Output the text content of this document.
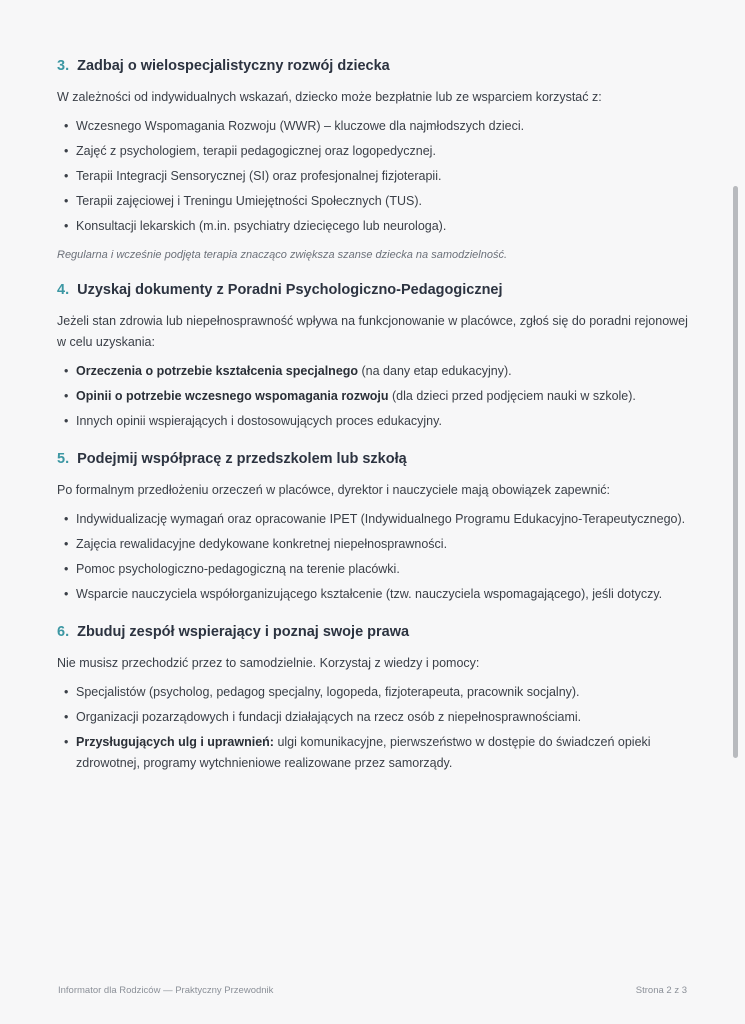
3. Zadbaj o wielospecjalistyczny rozwój dziecka
W zależności od indywidualnych wskazań, dziecko może bezpłatnie lub ze wsparciem korzystać z:
• Wczesnego Wspomagania Rozwoju (WWR) – kluczowe dla najmłodszych dzieci.
• Zajęć z psychologiem, terapii pedagogicznej oraz logopedycznej.
• Terapii Integracji Sensorycznej (SI) oraz profesjonalnej fizjoterapii.
• Terapii zajęciowej i Treningu Umiejętności Społecznych (TUS).
• Konsultacji lekarskich (m.in. psychiatry dziecięcego lub neurologa).
Regularna i wcześnie podjęta terapia znacząco zwiększa szanse dziecka na samodzielność.
4. Uzyskaj dokumenty z Poradni Psychologiczno-Pedagogicznej
Jeżeli stan zdrowia lub niepełnosprawność wpływa na funkcjonowanie w placówce, zgłoś się do poradni rejonowej w celu uzyskania:
• Orzeczenia o potrzebie kształcenia specjalnego (na dany etap edukacyjny).
• Opinii o potrzebie wczesnego wspomagania rozwoju (dla dzieci przed podjęciem nauki w szkole).
• Innych opinii wspierających i dostosowujących proces edukacyjny.
5. Podejmij współpracę z przedszkolem lub szkołą
Po formalnym przedłożeniu orzeczeń w placówce, dyrektor i nauczyciele mają obowiązek zapewnić:
• Indywidualizację wymagań oraz opracowanie IPET (Indywidualnego Programu Edukacyjno-Terapeutycznego).
• Zajęcia rewalidacyjne dedykowane konkretnej niepełnosprawności.
• Pomoc psychologiczno-pedagogiczną na terenie placówki.
• Wsparcie nauczyciela współorganizującego kształcenie (tzw. nauczyciela wspomagającego), jeśli dotyczy.
6. Zbuduj zespół wspierający i poznaj swoje prawa
Nie musisz przechodzić przez to samodzielnie. Korzystaj z wiedzy i pomocy:
• Specjalistów (psycholog, pedagog specjalny, logopeda, fizjoterapeuta, pracownik socjalny).
• Organizacji pozarządowych i fundacji działających na rzecz osób z niepełnosprawnościami.
• Przysługujących ulg i uprawnień: ulgi komunikacyjne, pierwszeństwo w dostępie do świadczeń opieki zdrowotnej, programy wytchnieniowe realizowane przez samorządy.
Informator dla Rodziców — Praktyczny Przewodnik	Strona 2 z 3
